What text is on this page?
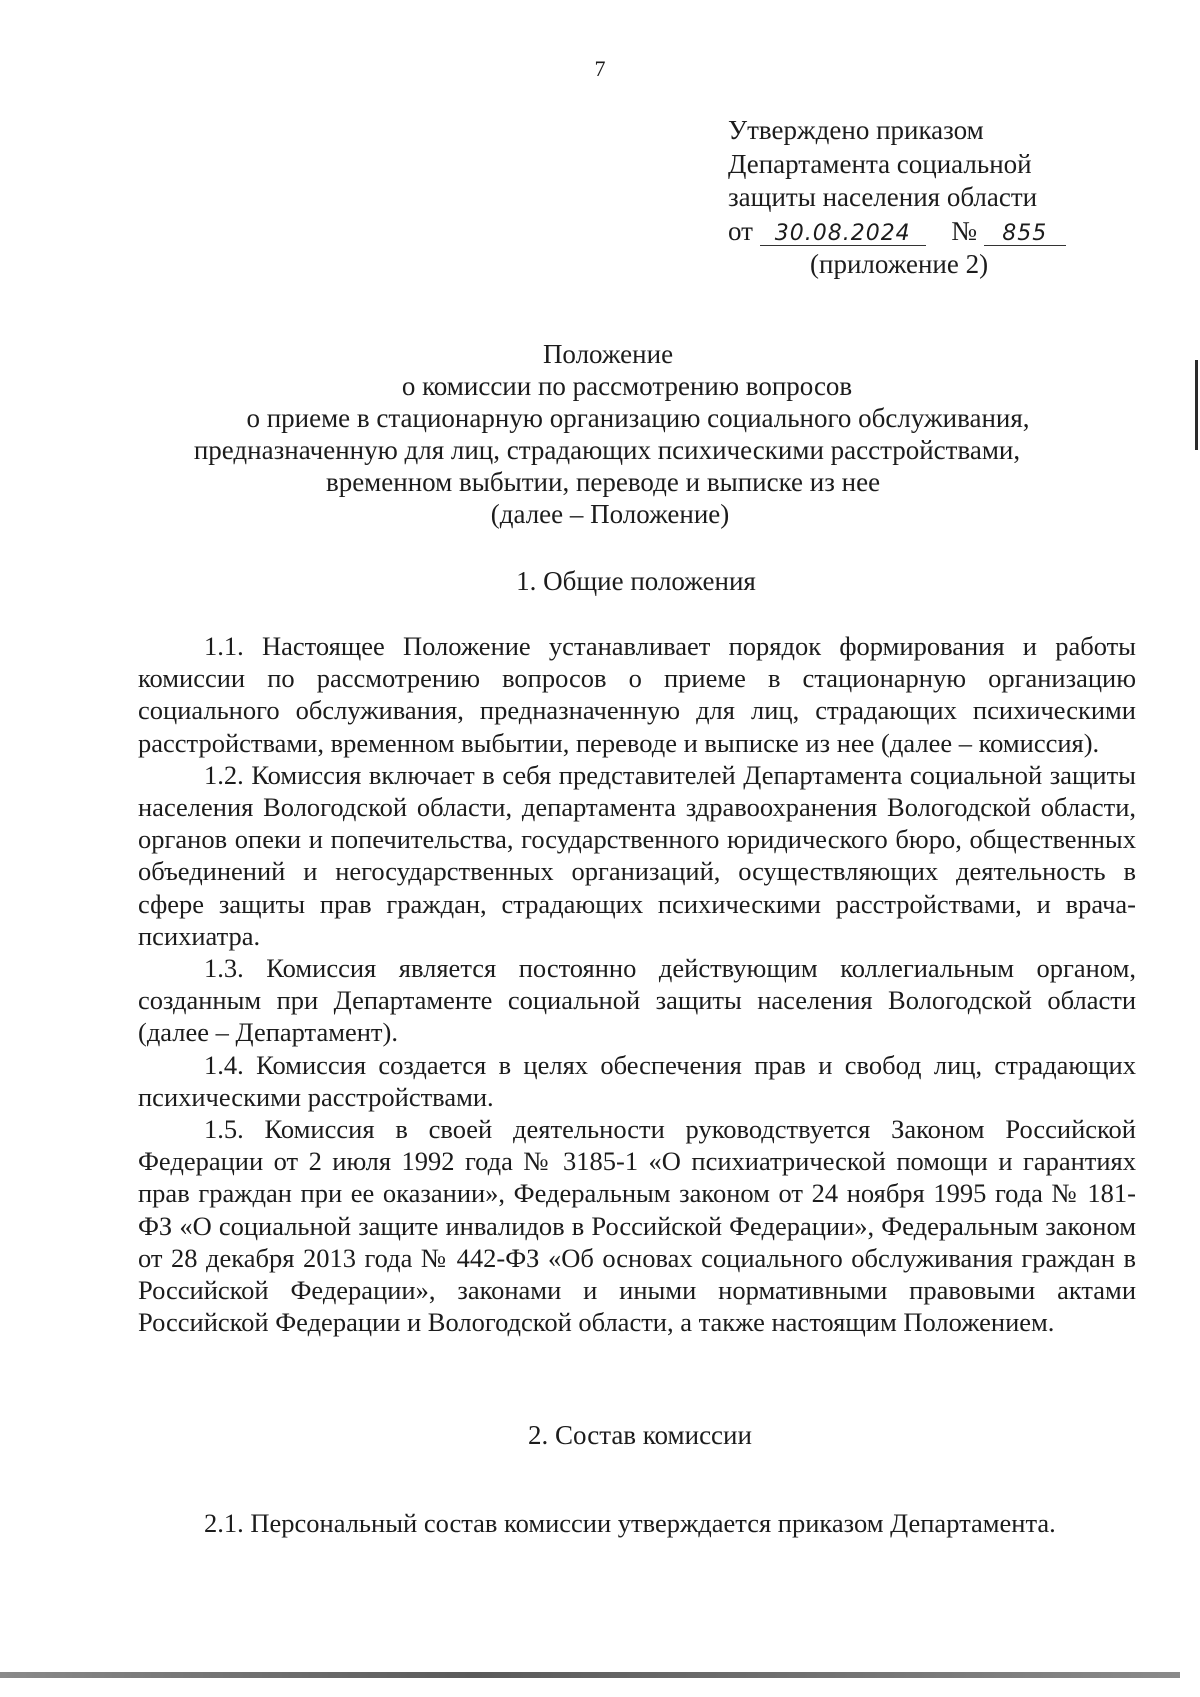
7
Утверждено приказом
Департамента социальной
защиты населения области
от 30.08.2024 № 855
(приложение 2)
Положение
о комиссии по рассмотрению вопросов
о приеме в стационарную организацию социального обслуживания,
предназначенную для лиц, страдающих психическими расстройствами,
временном выбытии, переводе и выписке из нее
(далее – Положение)
1. Общие положения

1.1. Настоящее Положение устанавливает порядок формирования и работы комиссии по рассмотрению вопросов о приеме в стационарную организацию социального обслуживания, предназначенную для лиц, страдающих психическими расстройствами, временном выбытии, переводе и выписке из нее (далее – комиссия).

1.2. Комиссия включает в себя представителей Департамента социальной защиты населения Вологодской области, департамента здравоохранения Вологодской области, органов опеки и попечительства, государственного юридического бюро, общественных объединений и негосударственных организаций, осуществляющих деятельность в сфере защиты прав граждан, страдающих психическими расстройствами, и врача-психиатра.

1.3. Комиссия является постоянно действующим коллегиальным органом, созданным при Департаменте социальной защиты населения Вологодской области (далее – Департамент).

1.4. Комиссия создается в целях обеспечения прав и свобод лиц, страдающих психическими расстройствами.

1.5. Комиссия в своей деятельности руководствуется Законом Российской Федерации от 2 июля 1992 года № 3185-1 «О психиатрической помощи и гарантиях прав граждан при ее оказании», Федеральным законом от 24 ноября 1995 года № 181-ФЗ «О социальной защите инвалидов в Российской Федерации», Федеральным законом от 28 декабря 2013 года № 442-ФЗ «Об основах социального обслуживания граждан в Российской Федерации», законами и иными нормативными правовыми актами Российской Федерации и Вологодской области, а также настоящим Положением.

2. Состав комиссии

2.1. Персональный состав комиссии утверждается приказом Департамента.
